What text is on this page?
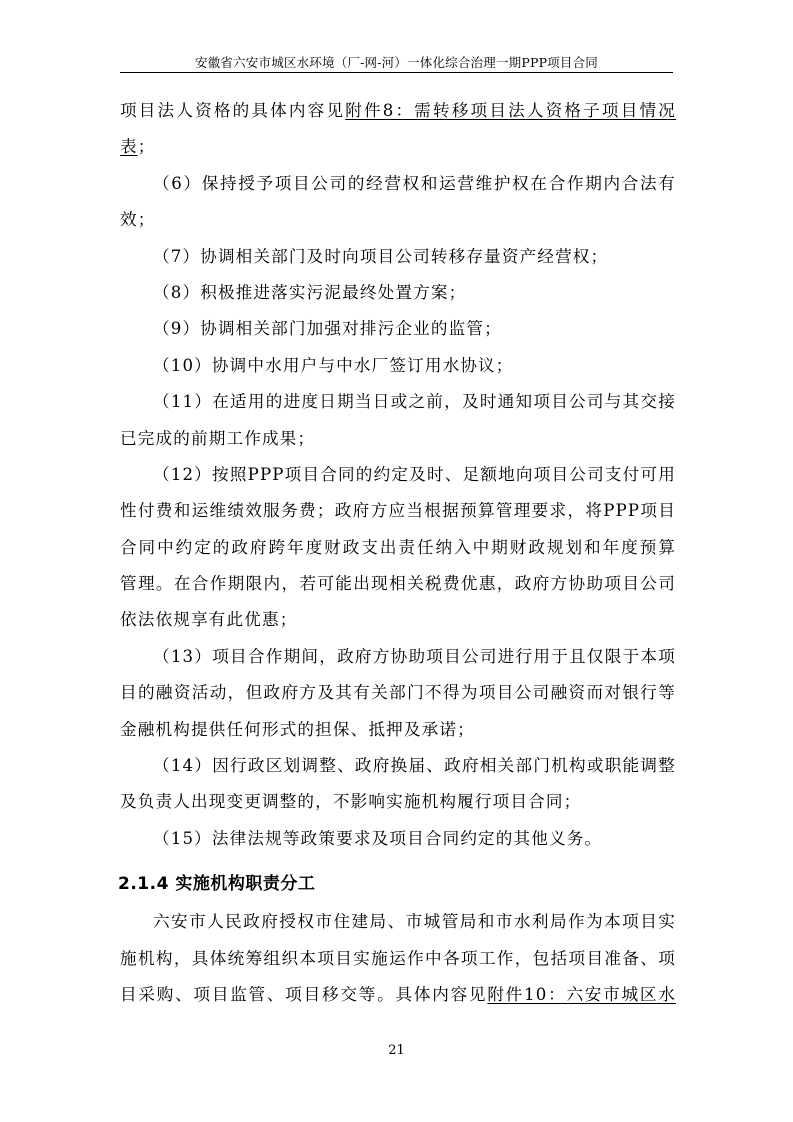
安徽省六安市城区水环境（厂-网-河）一体化综合治理一期PPP项目合同
项目法人资格的具体内容见附件8：需转移项目法人资格子项目情况
表；
（6）保持授予项目公司的经营权和运营维护权在合作期内合法有
效；
（7）协调相关部门及时向项目公司转移存量资产经营权；
（8）积极推进落实污泥最终处置方案；
（9）协调相关部门加强对排污企业的监管；
（10）协调中水用户与中水厂签订用水协议；
（11）在适用的进度日期当日或之前，及时通知项目公司与其交接
已完成的前期工作成果；
（12）按照PPP项目合同的约定及时、足额地向项目公司支付可用
性付费和运维绩效服务费；政府方应当根据预算管理要求，将PPP项目
合同中约定的政府跨年度财政支出责任纳入中期财政规划和年度预算
管理。在合作期限内，若可能出现相关税费优惠，政府方协助项目公司
依法依规享有此优惠；
（13）项目合作期间，政府方协助项目公司进行用于且仅限于本项
目的融资活动，但政府方及其有关部门不得为项目公司融资而对银行等
金融机构提供任何形式的担保、抵押及承诺；
（14）因行政区划调整、政府换届、政府相关部门机构或职能调整
及负责人出现变更调整的，不影响实施机构履行项目合同；
（15）法律法规等政策要求及项目合同约定的其他义务。
2.1.4 实施机构职责分工
六安市人民政府授权市住建局、市城管局和市水利局作为本项目实
施机构，具体统筹组织本项目实施运作中各项工作，包括项目准备、项
目采购、项目监管、项目移交等。具体内容见附件10：六安市城区水
21
